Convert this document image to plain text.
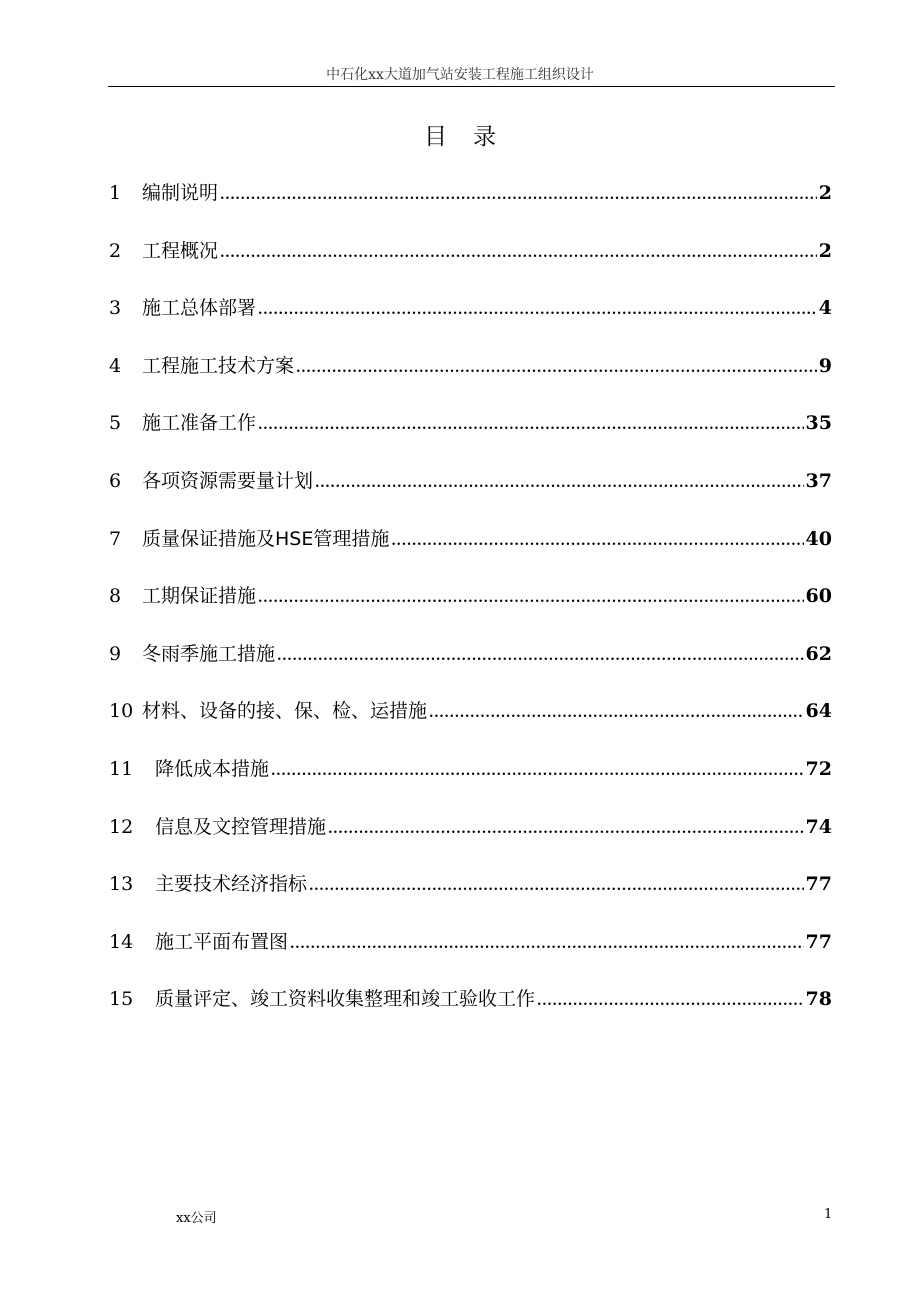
中石化xx大道加气站安装工程施工组织设计
目录
1	编制说明 .....	2
2	工程概况 .....	2
3	施工总体部署 .....	4
4	工程施工技术方案 .....	9
5	施工准备工作 .....	35
6	各项资源需要量计划 .....	37
7	质量保证措施及HSE管理措施 .....	40
8	工期保证措施 .....	60
9	冬雨季施工措施 .....	62
10 材料、设备的接、保、检、运措施 .....	64
11	降低成本措施 .....	72
12	信息及文控管理措施 .....	74
13	主要技术经济指标 .....	77
14	施工平面布置图 .....	77
15	质量评定、竣工资料收集整理和竣工验收工作 .....	78
xx公司	1
